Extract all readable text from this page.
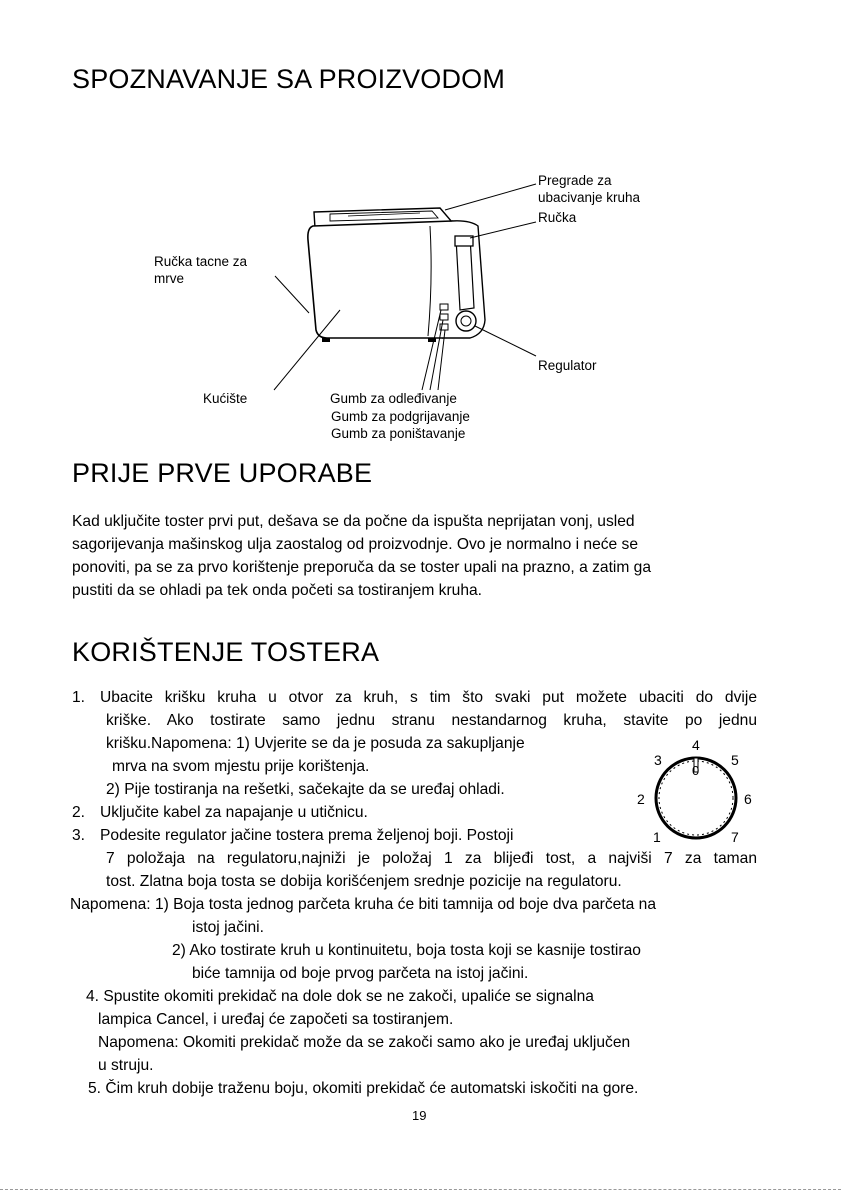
SPOZNAVANJE SA PROIZVODOM
Pregrade za ubacivanje kruha
Ručka
Ručka tacne za mrve
Regulator
Kućište	Gumb za odleđivanje
Gumb za podgrijavanje
Gumb za poništavanje
PRIJE PRVE UPORABE
Kad uključite toster prvi put, dešava se da počne da ispušta neprijatan vonj, usled
sagorijevanja mašinskog ulja zaostalog od proizvodnje. Ovo je normalno i neće se
ponoviti, pa se za prvo korištenje preporuča da se toster upali na prazno, a zatim ga
pustiti da se ohladi pa tek onda početi sa tostiranjem kruha.
KORIŠTENJE TOSTERA
1. Ubacite krišku kruha u otvor za kruh, s tim što svaki put možete ubaciti do dvije
kriške. Ako tostirate samo jednu stranu nestandarnog kruha, stavite po jednu
krišku.Napomena: 1) Uvjerite se da je posuda za sakupljanje
mrva na svom mjestu prije korištenja.
2) Pije tostiranja na rešetki, sačekajte da se uređaj ohladi.
2. Uključite kabel za napajanje u utičnicu.
3. Podesite regulator jačine tostera prema željenoj boji. Postoji
7 položaja na regulatoru,najniži je položaj 1 za blijeđi tost, a najviši 7 za taman
tost. Zlatna boja tosta se dobija korišćenjem srednje pozicije na regulatoru.
Napomena: 1) Boja tosta jednog parčeta kruha će biti tamnija od boje dva parčeta na
istoj jačini.
2) Ako tostirate kruh u kontinuitetu, boja tosta koji se kasnije tostirao
biće tamnija od boje prvog parčeta na istoj jačini.
4. Spustite okomiti prekidač na dole dok se ne zakoči, upaliće se signalna
lampica Cancel, i uređaj će započeti sa tostiranjem.
Napomena: Okomiti prekidač može da se zakoči samo ako je uređaj uključen
u struju.
5. Čim kruh dobije traženu boju, okomiti prekidač će automatski iskočiti na gore.
1
2
3
4
5
6
7
0
19
